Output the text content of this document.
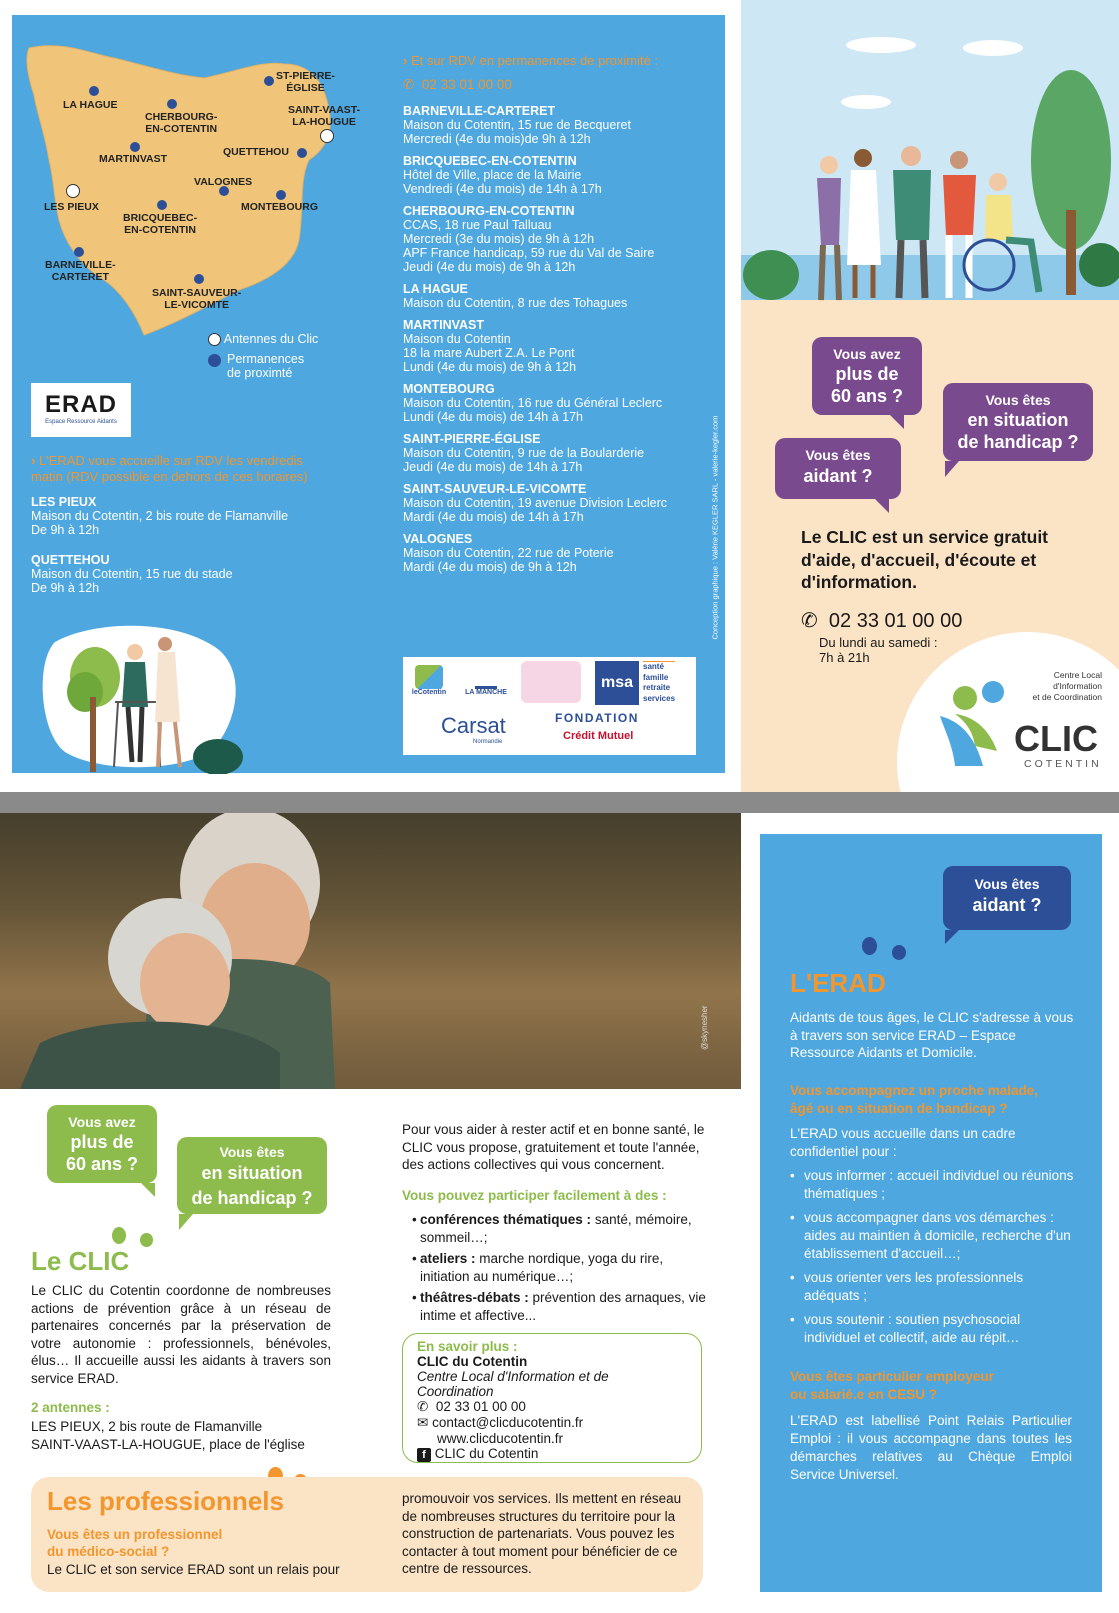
LA HAGUE
CHERBOURG-
EN-COTENTIN
MARTINVAST
VALOGNES
BRICQUEBEC-
EN-COTENTIN
MONTEBOURG
QUETTEHOU
ST-PIERRE-
ÉGLISE
BARNEVILLE-
CARTERET
SAINT-SAUVEUR-
LE-VICOMTE
LES PIEUX
SAINT-VAAST-
LA-HOUGUE
Antennes du Clic
Permanences
de proximté
ERAD
Espace Ressource Aidants
› L'ERAD vous accueille sur RDV les vendredis matin (RDV possible en dehors de ces horaires)
LES PIEUX
Maison du Cotentin, 2 bis route de Flamanville
De 9h à 12h
QUETTEHOU
Maison du Cotentin, 15 rue du stade
De 9h à 12h
› Et sur RDV en permanences de proximité :
✆ 02 33 01 00 00
BARNEVILLE-CARTERET
Maison du Cotentin, 15 rue de Becqueret
Mercredi (4e du mois)de 9h à 12h
BRICQUEBEC-EN-COTENTIN
Hôtel de Ville, place de la Mairie
Vendredi (4e du mois) de 14h à 17h
CHERBOURG-EN-COTENTIN
CCAS, 18 rue Paul Talluau
Mercredi (3e du mois) de 9h à 12h
APF France handicap, 59 rue du Val de Saire
Jeudi (4e du mois) de 9h à 12h
LA HAGUE
Maison du Cotentin, 8 rue des Tohagues
MARTINVAST
Maison du Cotentin
18 la mare Aubert Z.A. Le Pont
Lundi (4e du mois) de 9h à 12h
MONTEBOURG
Maison du Cotentin, 16 rue du Général Leclerc
Lundi (4e du mois) de 14h à 17h
SAINT-PIERRE-ÉGLISE
Maison du Cotentin, 9 rue de la Boularderie
Jeudi (4e du mois) de 14h à 17h
SAINT-SAUVEUR-LE-VICOMTE
Maison du Cotentin, 19 avenue Division Leclerc
Mardi (4e du mois) de 14h à 17h
VALOGNES
Maison du Cotentin, 22 rue de Poterie
Mardi (4e du mois) de 9h à 12h	Conception graphique : Valérie KEGLER SARL - valerie-kegler.com
leCotentin	LA MANCHE
msa
santé
famille
retraite
services
Carsat
Normandie
FONDATION
Crédit Mutuel
Vous avez
plus de
60 ans ?	Vous êtes
en situation
de handicap ?
Vous êtes
aidant ?
Le CLIC est un service gratuit d'aide, d'accueil, d'écoute et d'information.
✆ 02 33 01 00 00
Du lundi au samedi :
7h à 21h
Centre Local
d'Information
et de Coordination
CLIC
COTENTIN
@skynesher
Vous avez
plus de
60 ans ?
Vous êtes
en situation
de handicap ?
Le CLIC
Le CLIC du Cotentin coordonne de nombreuses actions de prévention grâce à un réseau de partenaires concernés par la préservation de votre autonomie : professionnels, bénévoles, élus… Il accueille aussi les aidants à travers son service ERAD.
2 antennes :
LES PIEUX, 2 bis route de Flamanville
SAINT-VAAST-LA-HOUGUE, place de l'église
Pour vous aider à rester actif et en bonne santé, le CLIC vous propose, gratuitement et toute l'année, des actions collectives qui vous concernent.
Vous pouvez participer facilement à des :
• conférences thématiques : santé, mémoire, sommeil…;
• ateliers : marche nordique, yoga du rire, initiation au numérique…;
• théâtres-débats : prévention des arnaques, vie intime et affective...
En savoir plus :
CLIC du Cotentin
Centre Local d'Information et de Coordination
✆ 02 33 01 00 00
✉ contact@clicducotentin.fr
www.clicducotentin.fr
f CLIC du Cotentin
Les professionnels
Vous êtes un professionnel
du médico-social ?
Le CLIC et son service ERAD sont un relais pour
promouvoir vos services. Ils mettent en réseau de nombreuses structures du territoire pour la construction de partenariats. Vous pouvez les contacter à tout moment pour bénéficier de ce centre de ressources.
Vous êtes
aidant ?
L'ERAD
Aidants de tous âges, le CLIC s'adresse à vous à travers son service ERAD – Espace Ressource Aidants et Domicile.
Vous accompagnez un proche malade,
âgé ou en situation de handicap ?
L'ERAD vous accueille dans un cadre confidentiel pour :
• vous informer : accueil individuel ou réunions thématiques ;
• vous accompagner dans vos démarches : aides au maintien à domicile, recherche d'un établissement d'accueil…;
• vous orienter vers les professionnels adéquats ;
• vous soutenir : soutien psychosocial individuel et collectif, aide au répit…
Vous êtes particulier employeur
ou salarié.e en CESU ?
L'ERAD est labellisé Point Relais Particulier Emploi : il vous accompagne dans toutes les démarches relatives au Chèque Emploi Service Universel.
